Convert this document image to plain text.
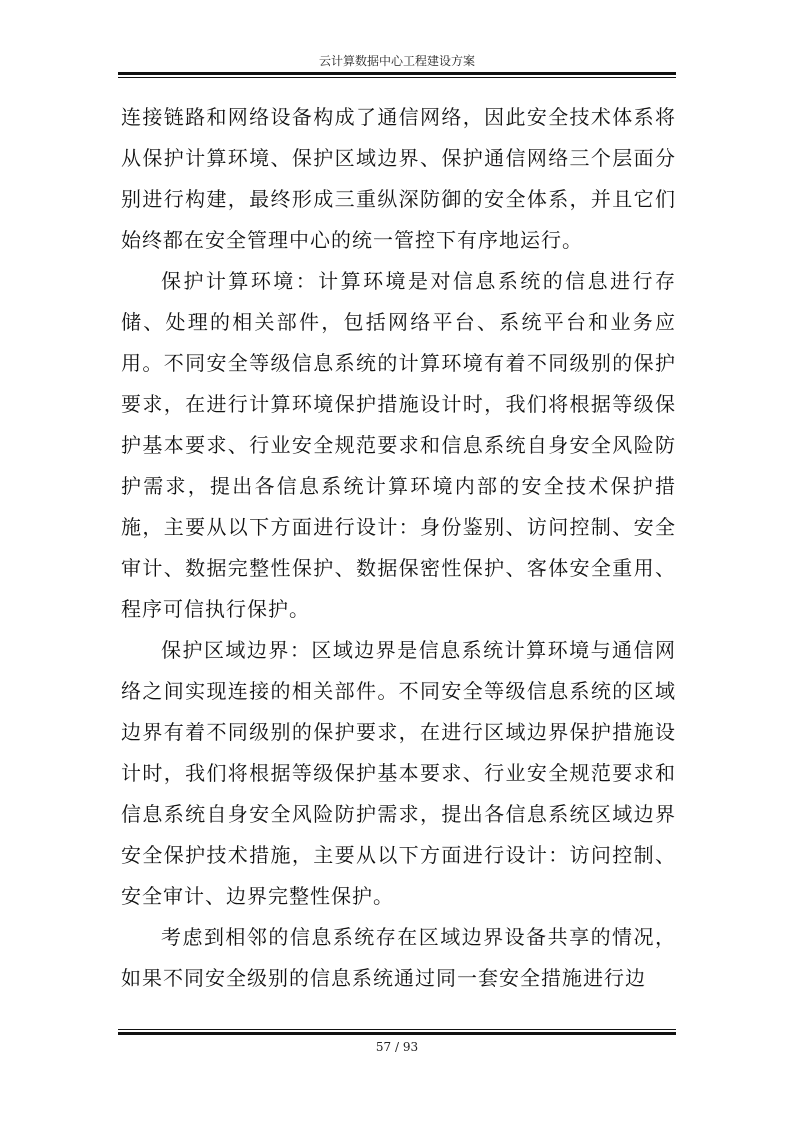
云计算数据中心工程建设方案

连接链路和网络设备构成了通信网络，因此安全技术体系将从保护计算环境、保护区域边界、保护通信网络三个层面分别进行构建，最终形成三重纵深防御的安全体系，并且它们始终都在安全管理中心的统一管控下有序地运行。

保护计算环境：计算环境是对信息系统的信息进行存储、处理的相关部件，包括网络平台、系统平台和业务应用。不同安全等级信息系统的计算环境有着不同级别的保护要求，在进行计算环境保护措施设计时，我们将根据等级保护基本要求、行业安全规范要求和信息系统自身安全风险防护需求，提出各信息系统计算环境内部的安全技术保护措施，主要从以下方面进行设计：身份鉴别、访问控制、安全审计、数据完整性保护、数据保密性保护、客体安全重用、程序可信执行保护。

保护区域边界：区域边界是信息系统计算环境与通信网络之间实现连接的相关部件。不同安全等级信息系统的区域边界有着不同级别的保护要求，在进行区域边界保护措施设计时，我们将根据等级保护基本要求、行业安全规范要求和信息系统自身安全风险防护需求，提出各信息系统区域边界安全保护技术措施，主要从以下方面进行设计：访问控制、安全审计、边界完整性保护。

考虑到相邻的信息系统存在区域边界设备共享的情况，如果不同安全级别的信息系统通过同一套安全措施进行边

57 / 93
